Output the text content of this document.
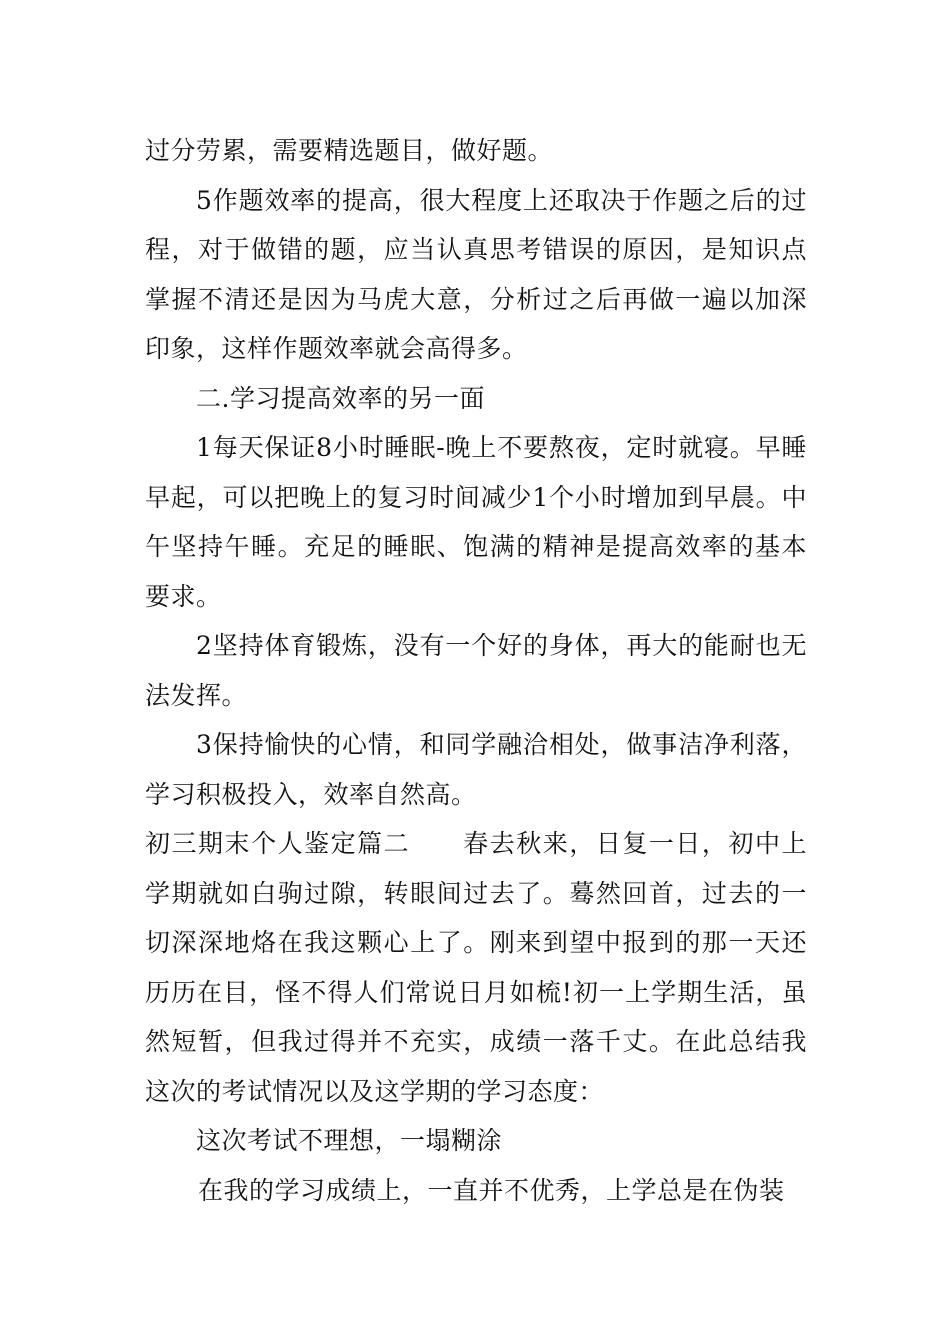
过分劳累，需要精选题目，做好题。

5作题效率的提高，很大程度上还取决于作题之后的过程，对于做错的题，应当认真思考错误的原因，是知识点掌握不清还是因为马虎大意，分析过之后再做一遍以加深印象，这样作题效率就会高得多。

二.学习提高效率的另一面

1每天保证8小时睡眠-晚上不要熬夜，定时就寝。早睡早起，可以把晚上的复习时间减少1个小时增加到早晨。中午坚持午睡。充足的睡眠、饱满的精神是提高效率的基本要求。

2坚持体育锻炼，没有一个好的身体，再大的能耐也无法发挥。

3保持愉快的心情，和同学融洽相处，做事洁净利落，学习积极投入，效率自然高。

初三期末个人鉴定篇二　　春去秋来，日复一日，初中上学期就如白驹过隙，转眼间过去了。蓦然回首，过去的一切深深地烙在我这颗心上了。刚来到望中报到的那一天还历历在目，怪不得人们常说日月如梳!初一上学期生活，虽然短暂，但我过得并不充实，成绩一落千丈。在此总结我这次的考试情况以及这学期的学习态度：

这次考试不理想，一塌糊涂

在我的学习成绩上，一直并不优秀，上学总是在伪装
